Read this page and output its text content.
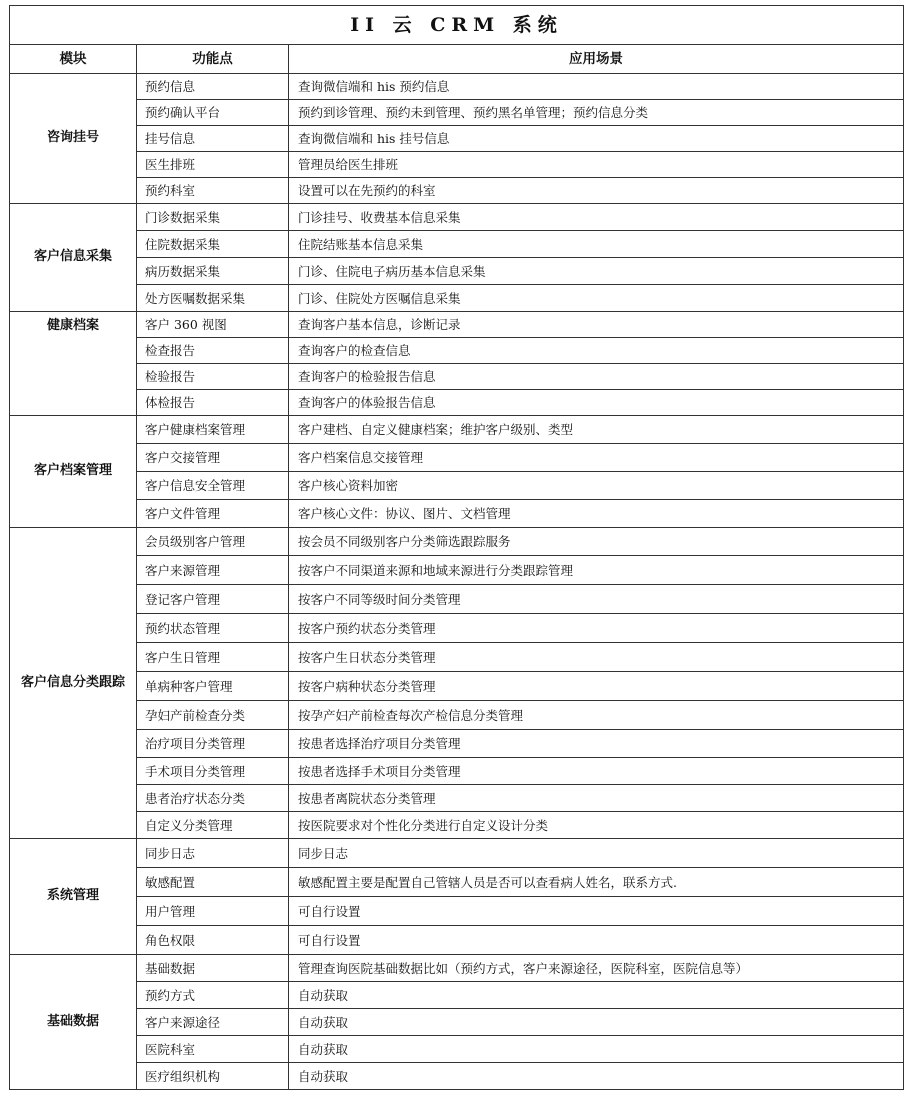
II 云 CRM 系统		
模块	功能点	应用场景
咨询挂号	预约信息	查询微信端和 his 预约信息
	预约确认平台	预约到诊管理、预约未到管理、预约黑名单管理；预约信息分类
	挂号信息	查询微信端和 his 挂号信息
	医生排班	管理员给医生排班
	预约科室	设置可以在先预约的科室
客户信息采集	门诊数据采集	门诊挂号、收费基本信息采集
	住院数据采集	住院结账基本信息采集
	病历数据采集	门诊、住院电子病历基本信息采集
	处方医嘱数据采集	门诊、住院处方医嘱信息采集
健康档案	客户 360 视图	查询客户基本信息，诊断记录
	检查报告	查询客户的检查信息
	检验报告	查询客户的检验报告信息
	体检报告	查询客户的体验报告信息
客户档案管理	客户健康档案管理	客户建档、自定义健康档案；维护客户级别、类型
	客户交接管理	客户档案信息交接管理
	客户信息安全管理	客户核心资料加密
	客户文件管理	客户核心文件：协议、图片、文档管理
客户信息分类跟踪	会员级别客户管理	按会员不同级别客户分类筛选跟踪服务
	客户来源管理	按客户不同渠道来源和地域来源进行分类跟踪管理
	登记客户管理	按客户不同等级时间分类管理
	预约状态管理	按客户预约状态分类管理
	客户生日管理	按客户生日状态分类管理
	单病种客户管理	按客户病种状态分类管理
	孕妇产前检查分类	按孕产妇产前检查每次产检信息分类管理
	治疗项目分类管理	按患者选择治疗项目分类管理
	手术项目分类管理	按患者选择手术项目分类管理
	患者治疗状态分类	按患者离院状态分类管理
	自定义分类管理	按医院要求对个性化分类进行自定义设计分类
系统管理	同步日志	同步日志
	敏感配置	敏感配置主要是配置自己管辖人员是否可以查看病人姓名，联系方式.
	用户管理	可自行设置
	角色权限	可自行设置
基础数据	基础数据	管理查询医院基础数据比如（预约方式，客户来源途径，医院科室，医院信息等）
	预约方式	自动获取
	客户来源途径	自动获取
	医院科室	自动获取
	医疗组织机构	自动获取
